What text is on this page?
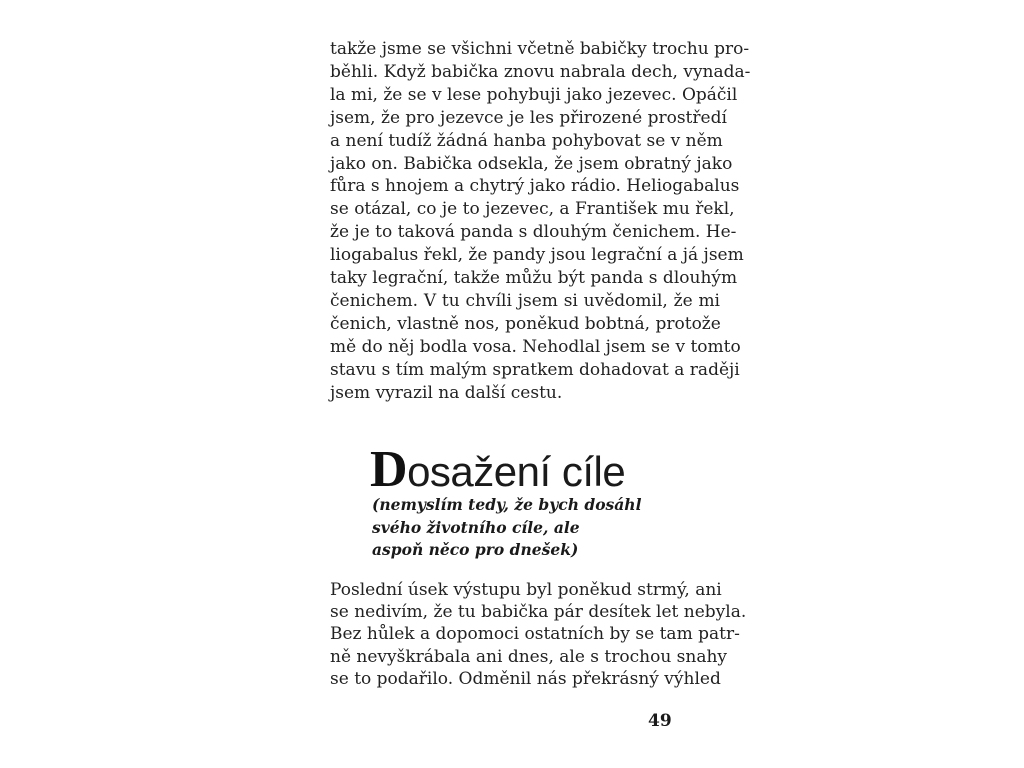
takže jsme se všichni včetně babičky trochu pro-
běhli. Když babička znovu nabrala dech, vynada-
la mi, že se v lese pohybuji jako jezevec. Opáčil
jsem, že pro jezevce je les přirozené prostředí
a není tudíž žádná hanba pohybovat se v něm
jako on. Babička odsekla, že jsem obratný jako
fůra s hnojem a chytrý jako rádio. Heliogabalus
se otázal, co je to jezevec, a František mu řekl,
že je to taková panda s dlouhým čenichem. He-
liogabalus řekl, že pandy jsou legrační a já jsem
taky legrační, takže můžu být panda s dlouhým
čenichem. V tu chvíli jsem si uvědomil, že mi
čenich, vlastně nos, poněkud bobtná, protože
mě do něj bodla vosa. Nehodlal jsem se v tomto
stavu s tím malým spratkem dohadovat a raději
jsem vyrazil na další cestu.
Dosažení cíle
(nemyslím tedy, že bych dosáhl
svého životního cíle, ale
aspoň něco pro dnešek)
Poslední úsek výstupu byl poněkud strmý, ani
se nedivím, že tu babička pár desítek let nebyla.
Bez hůlek a dopomoci ostatních by se tam patr-
ně nevyškrábala ani dnes, ale s trochou snahy
se to podařilo. Odměnil nás překrásný výhled
49
